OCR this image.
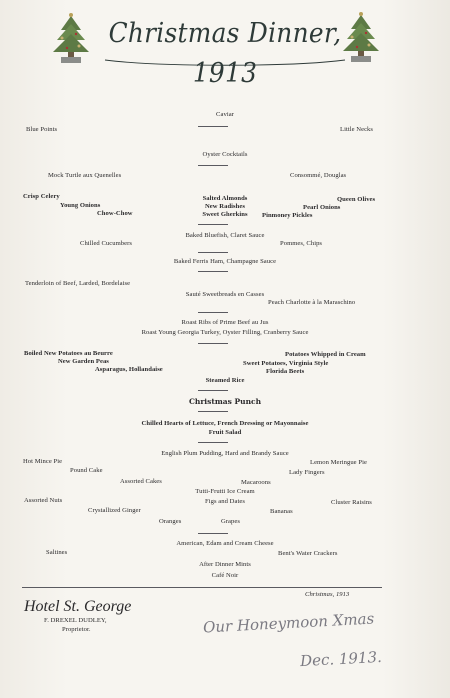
Christmas Dinner, 1913
Caviar
Blue Points	Little Necks
Oyster Cocktails
Mock Turtle aux Quenelles	Consommé, Douglas
Crisp Celery
Young Onions
Chow-Chow
Salted Almonds
New Radishes
Sweet Gherkins
Queen Olives
Pearl Onions
Pinmoney Pickles
Baked Bluefish, Claret Sauce
Chilled Cucumbers	Pommes, Chips
Baked Ferris Ham, Champagne Sauce
Tenderloin of Beef, Larded, Bordelaise
Sauté Sweetbreads en Casses
Peach Charlotte à la Maraschino
Roast Ribs of Prime Beef au Jus
Roast Young Georgia Turkey, Oyster Filling, Cranberry Sauce
Boiled New Potatoes au Beurre
New Garden Peas
Asparagus, Hollandaise
Potatoes Whipped in Cream
Sweet Potatoes, Virginia Style
Florida Beets
Steamed Rice
Christmas Punch
Chilled Hearts of Lettuce, French Dressing or Mayonnaise
Fruit Salad
English Plum Pudding, Hard and Brandy Sauce
Hot Mince Pie	Lemon Meringue Pie
Pound Cake	Lady Fingers
Assorted Cakes	Macaroons
Tutti-Frutti Ice Cream
Figs and Dates
Assorted Nuts	Cluster Raisins
Crystallized Ginger	Bananas
Oranges	Grapes
American, Edam and Cream Cheese
Saltines	Bent's Water Crackers
After Dinner Mints
Café Noir
Christmas, 1913
Hotel St. George
F. DREXEL DUDLEY,
Proprietor.	Our Honeymoon Xmas
Dec. 1913.
